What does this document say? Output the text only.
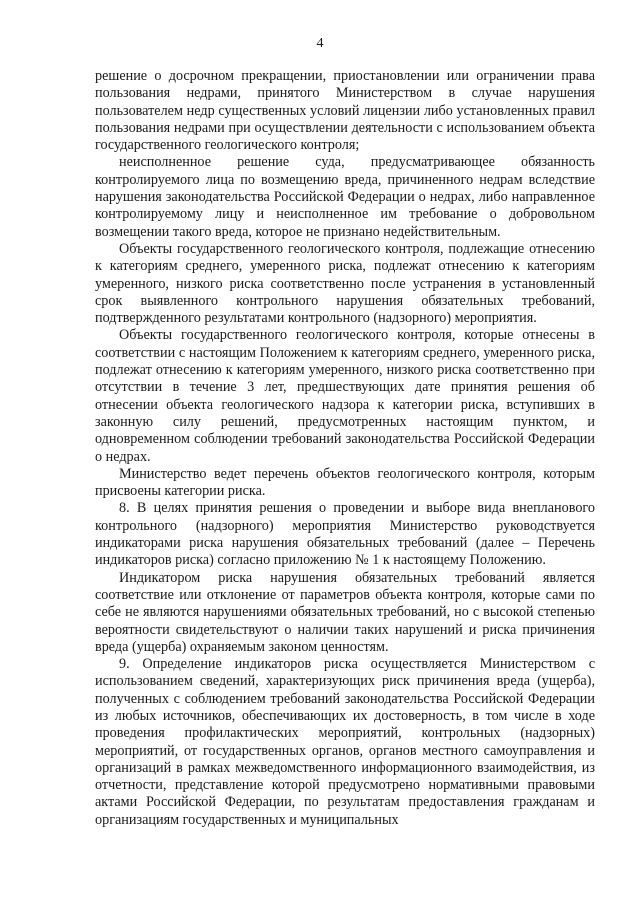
4

решение о досрочном прекращении, приостановлении или ограничении права пользования недрами, принятого Министерством в случае нарушения пользователем недр существенных условий лицензии либо установленных правил пользования недрами при осуществлении деятельности с использованием объекта государственного геологического контроля;

неисполненное решение суда, предусматривающее обязанность контролируемого лица по возмещению вреда, причиненного недрам вследствие нарушения законодательства Российской Федерации о недрах, либо направленное контролируемому лицу и неисполненное им требование о добровольном возмещении такого вреда, которое не признано недействительным.

Объекты государственного геологического контроля, подлежащие отнесению к категориям среднего, умеренного риска, подлежат отнесению к категориям умеренного, низкого риска соответственно после устранения в установленный срок выявленного контрольного нарушения обязательных требований, подтвержденного результатами контрольного (надзорного) мероприятия.

Объекты государственного геологического контроля, которые отнесены в соответствии с настоящим Положением к категориям среднего, умеренного риска, подлежат отнесению к категориям умеренного, низкого риска соответственно при отсутствии в течение 3 лет, предшествующих дате принятия решения об отнесении объекта геологического надзора к категории риска, вступивших в законную силу решений, предусмотренных настоящим пунктом, и одновременном соблюдении требований законодательства Российской Федерации о недрах.

Министерство ведет перечень объектов геологического контроля, которым присвоены категории риска.

8. В целях принятия решения о проведении и выборе вида внепланового контрольного (надзорного) мероприятия Министерство руководствуется индикаторами риска нарушения обязательных требований (далее – Перечень индикаторов риска) согласно приложению № 1 к настоящему Положению.

Индикатором риска нарушения обязательных требований является соответствие или отклонение от параметров объекта контроля, которые сами по себе не являются нарушениями обязательных требований, но с высокой степенью вероятности свидетельствуют о наличии таких нарушений и риска причинения вреда (ущерба) охраняемым законом ценностям.

9. Определение индикаторов риска осуществляется Министерством с использованием сведений, характеризующих риск причинения вреда (ущерба), полученных с соблюдением требований законодательства Российской Федерации из любых источников, обеспечивающих их достоверность, в том числе в ходе проведения профилактических мероприятий, контрольных (надзорных) мероприятий, от государственных органов, органов местного самоуправления и организаций в рамках межведомственного информационного взаимодействия, из отчетности, представление которой предусмотрено нормативными правовыми актами Российской Федерации, по результатам предоставления гражданам и организациям государственных и муниципальных
